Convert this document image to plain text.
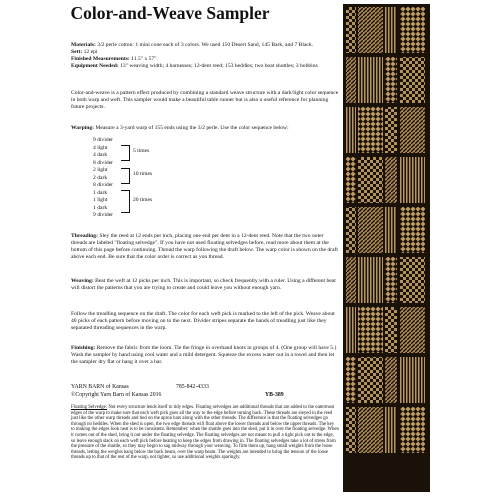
Color-and-Weave Sampler

Materials: 3/2 perle cotton: 1 mini cone each of 3 colors. We used 150 Desert Sand, 145 Bark, and 7 Black.

Sett: 12 epi

Finished Measurements: 11.5" x 57"

Equipment Needed: 13" weaving width; 4 harnesses; 12-dent reed; 153 heddles; two boat shuttles; 3 bobbins

Color-and-weave is a pattern effect produced by combining a standard weave structure with a dark/light color sequence in both warp and weft. This sampler would make a beautiful table runner but is also a useful reference for planning future projects.

Warping: Measure a 3-yard warp of 155 ends using the 3/2 perle. Use the color sequence below:

9 divider
4 light
4 dark
8 divider
2 light
2 dark
8 divider
1 dark
1 light
1 dark
9 divider
5 times
10 times
20 times

Threading: Sley the reed at 12 ends per inch, placing one end per dent in a 12-dent reed. Note that the two outer threads are labeled "floating selvedge". If you have not used floating selvedges before, read more about them at the bottom of this page before continuing. Thread the warp following the draft below. The warp color is shown on the draft above each end. Be sure that the color order is correct as you thread.

Weaving: Beat the weft at 12 picks per inch. This is important, so check frequently with a ruler. Using a different beat will distort the patterns that you are trying to create and could leave you without enough yarn.

Follow the treadling sequence on the draft. The color for each weft pick is marked to the left of the pick. Weave about 40 picks of each pattern before moving on to the next. Divider stripes separate the hands of treadling just like they separated threading sequences in the warp.

Finishing: Remove the fabric from the loom. Tie the fringe in overhand knots in groups of 4. (One group will have 5.) Wash the sampler by hand using cool water and a mild detergent. Squeeze the excess water out in a towel and then let the sampler dry flat or hang it over a bar.

YARN BARN of Kansas	785-842-4333
©Copyright Yarn Barn of Kansas 2016	YB-389

Floating Selvedge: Not every structure lends itself to tidy edges. Floating selvedges are additional threads that are added to the outermost edges of the warp to make sure that each weft pick goes all the way to the edge before turning back. These threads are sleyed in the reed just like the other warp threads and tied on the apron bars along with the other threads. The difference is that the floating selvedges go through no heddles. When the shed is open, the two edge threads will float above the lower threads and below the upper threads. The key to making the edges look neat is to be consistent. Remember: when the shuttle goes into the shed, put it in over the floating selvedge. When it comes out of the shed, bring it out under the floating selvedge. The floating selvedges are not meant to pull a tight pick out to the edge, so leave enough slack on each weft pick before beating to keep the edges from drawing in. The floating selvedges take a lot of stress from the pressure of the shuttle, so they may begin to sag midway through your weaving. To firm them up, hang small weights from the loose threads, letting the weights hang below the back beam, over the warp beam. The weights are intended to bring the tension of the loose threads up to that of the rest of the warp, not tighter, so use additional weights sparingly.
